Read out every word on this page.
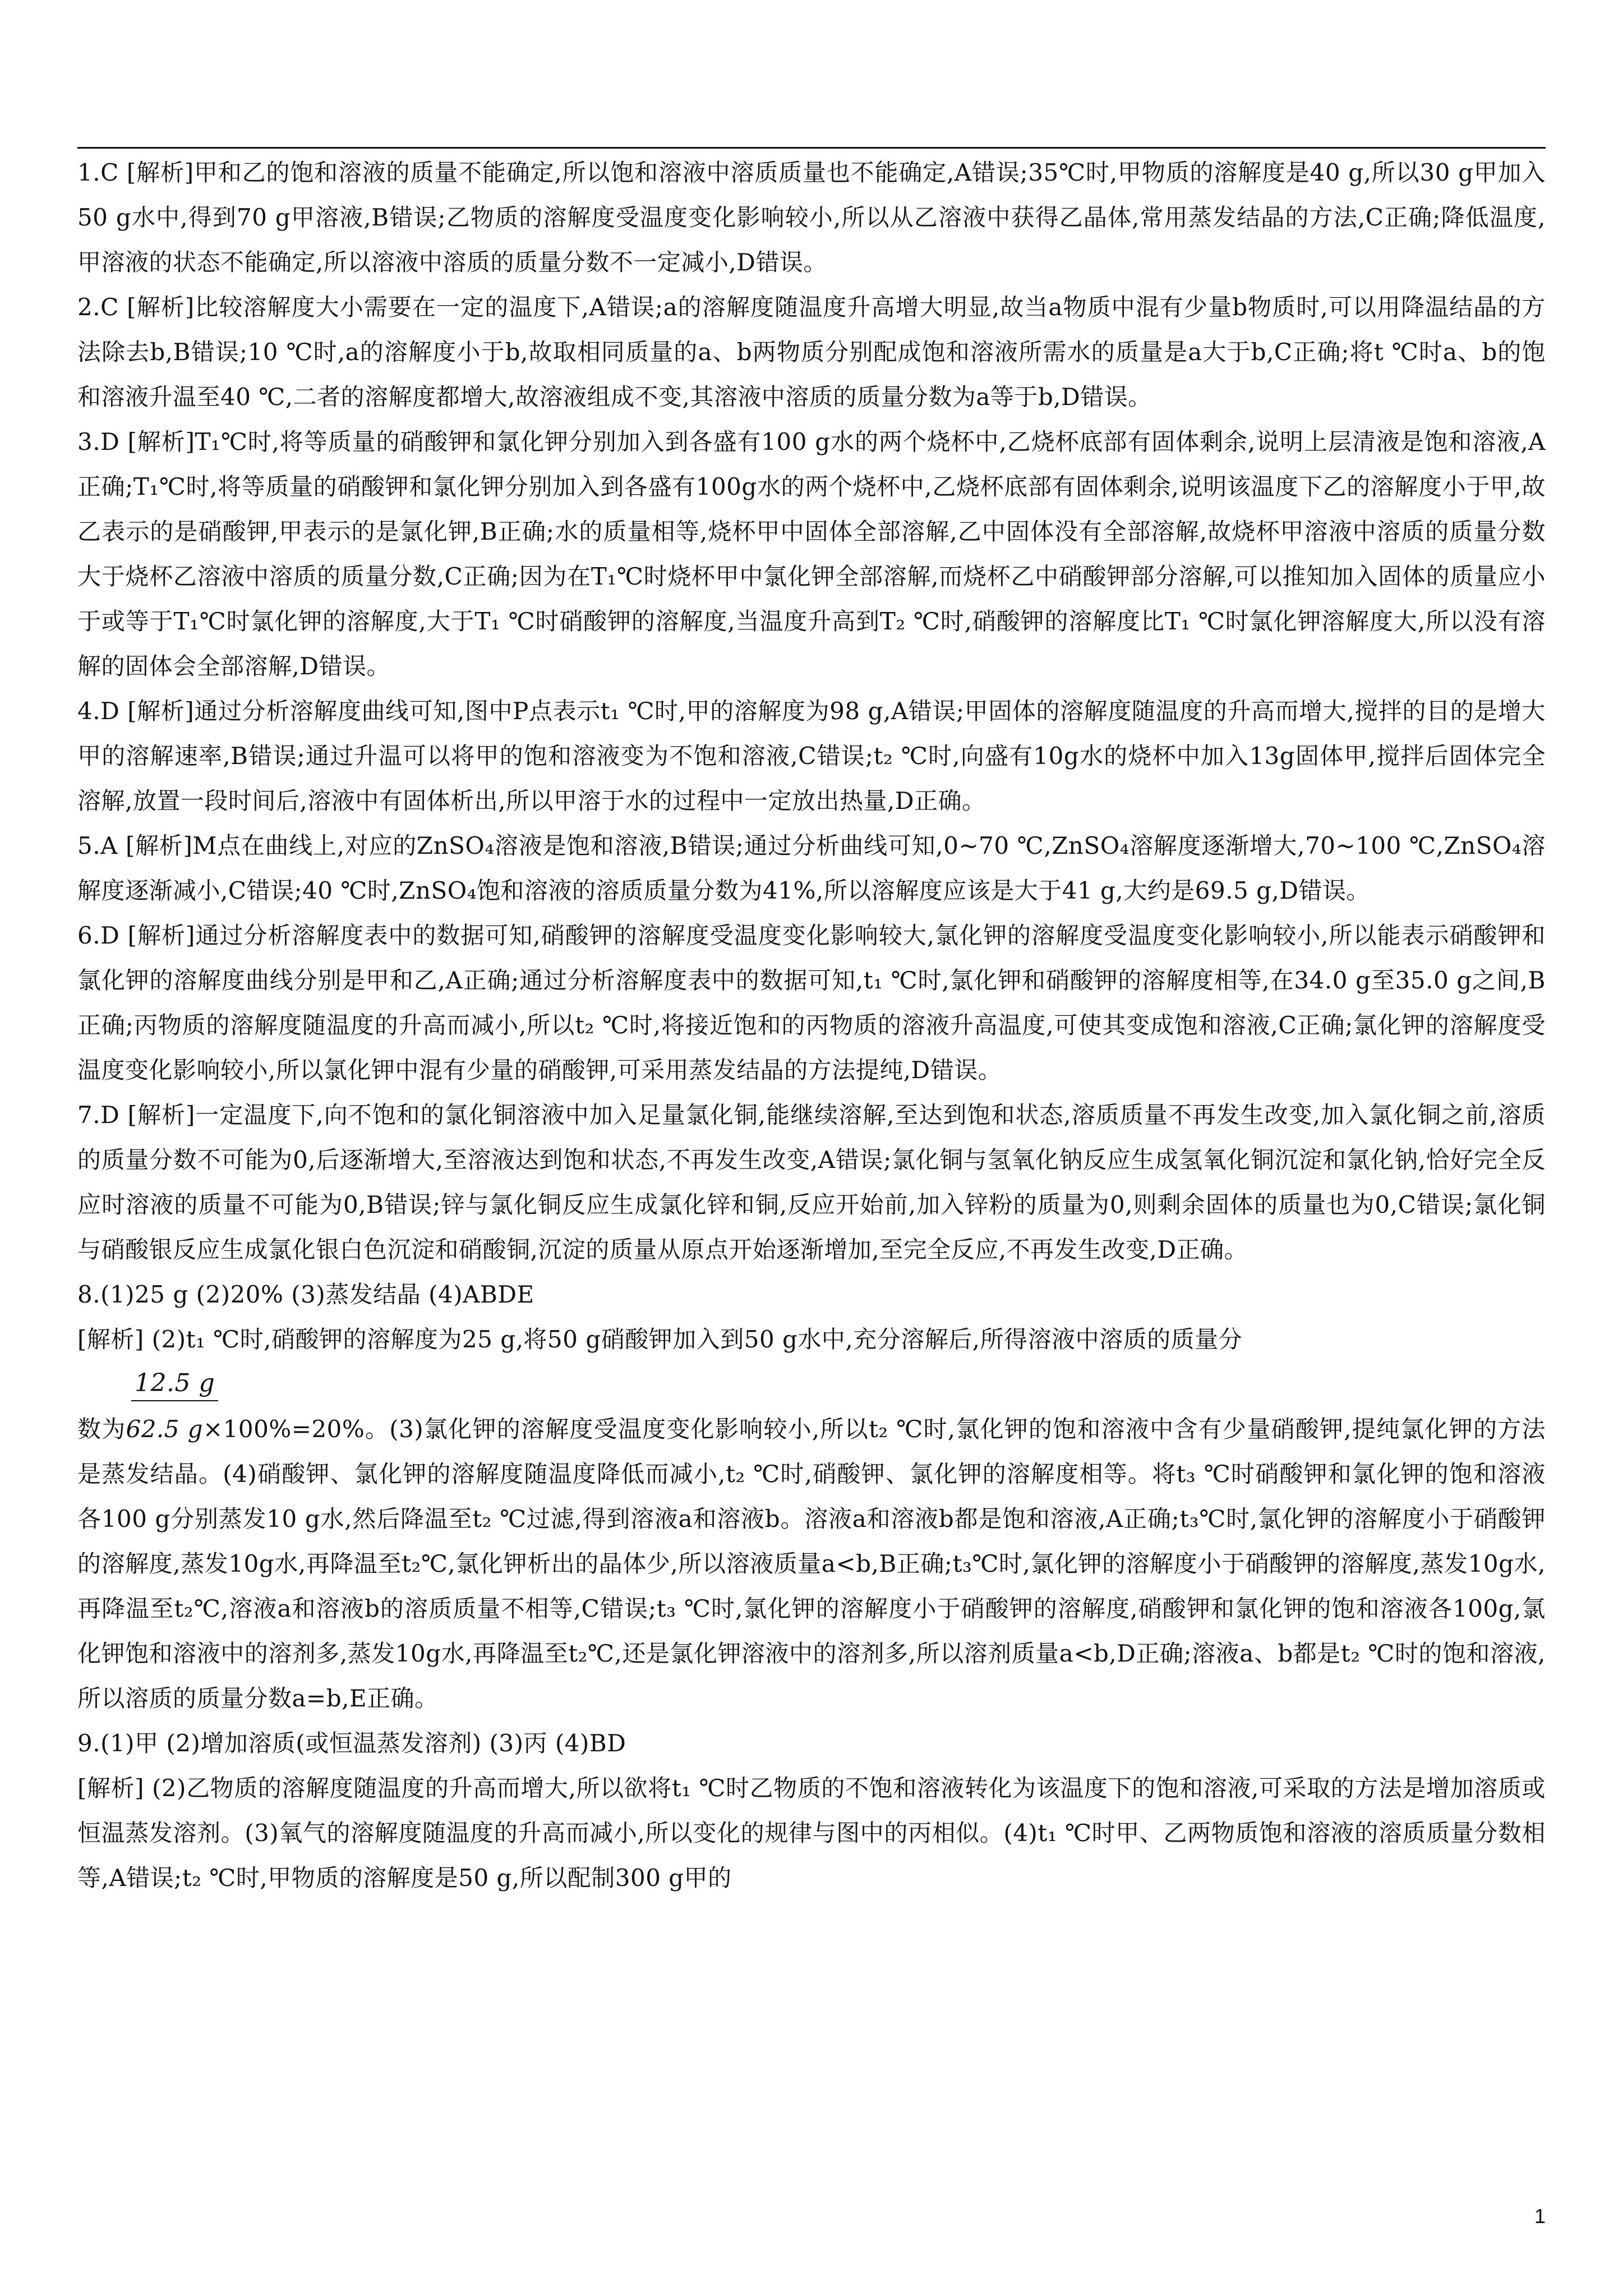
1.C [解析]甲和乙的饱和溶液的质量不能确定,所以饱和溶液中溶质质量也不能确定,A错误;35℃时,甲物质的溶解度是40 g,所以30 g甲加入50 g水中,得到70 g甲溶液,B错误;乙物质的溶解度受温度变化影响较小,所以从乙溶液中获得乙晶体,常用蒸发结晶的方法,C正确;降低温度,甲溶液的状态不能确定,所以溶液中溶质的质量分数不一定减小,D错误。

2.C [解析]比较溶解度大小需要在一定的温度下,A错误;a的溶解度随温度升高增大明显,故当a物质中混有少量b物质时,可以用降温结晶的方法除去b,B错误;10 ℃时,a的溶解度小于b,故取相同质量的a、b两物质分别配成饱和溶液所需水的质量是a大于b,C正确;将t ℃时a、b的饱和溶液升温至40 ℃,二者的溶解度都增大,故溶液组成不变,其溶液中溶质的质量分数为a等于b,D错误。

3.D [解析]T₁℃时,将等质量的硝酸钾和氯化钾分别加入到各盛有100 g水的两个烧杯中,乙烧杯底部有固体剩余,说明上层清液是饱和溶液,A正确;T₁℃时,将等质量的硝酸钾和氯化钾分别加入到各盛有100g水的两个烧杯中,乙烧杯底部有固体剩余,说明该温度下乙的溶解度小于甲,故乙表示的是硝酸钾,甲表示的是氯化钾,B正确;水的质量相等,烧杯甲中固体全部溶解,乙中固体没有全部溶解,故烧杯甲溶液中溶质的质量分数大于烧杯乙溶液中溶质的质量分数,C正确;因为在T₁℃时烧杯甲中氯化钾全部溶解,而烧杯乙中硝酸钾部分溶解,可以推知加入固体的质量应小于或等于T₁℃时氯化钾的溶解度,大于T₁ ℃时硝酸钾的溶解度,当温度升高到T₂ ℃时,硝酸钾的溶解度比T₁ ℃时氯化钾溶解度大,所以没有溶解的固体会全部溶解,D错误。

4.D [解析]通过分析溶解度曲线可知,图中P点表示t₁ ℃时,甲的溶解度为98 g,A错误;甲固体的溶解度随温度的升高而增大,搅拌的目的是增大甲的溶解速率,B错误;通过升温可以将甲的饱和溶液变为不饱和溶液,C错误;t₂ ℃时,向盛有10g水的烧杯中加入13g固体甲,搅拌后固体完全溶解,放置一段时间后,溶液中有固体析出,所以甲溶于水的过程中一定放出热量,D正确。

5.A [解析]M点在曲线上,对应的ZnSO₄溶液是饱和溶液,B错误;通过分析曲线可知,0~70 ℃,ZnSO₄溶解度逐渐增大,70~100 ℃,ZnSO₄溶解度逐渐减小,C错误;40 ℃时,ZnSO₄饱和溶液的溶质质量分数为41%,所以溶解度应该是大于41 g,大约是69.5 g,D错误。

6.D [解析]通过分析溶解度表中的数据可知,硝酸钾的溶解度受温度变化影响较大,氯化钾的溶解度受温度变化影响较小,所以能表示硝酸钾和氯化钾的溶解度曲线分别是甲和乙,A正确;通过分析溶解度表中的数据可知,t₁ ℃时,氯化钾和硝酸钾的溶解度相等,在34.0 g至35.0 g之间,B正确;丙物质的溶解度随温度的升高而减小,所以t₂ ℃时,将接近饱和的丙物质的溶液升高温度,可使其变成饱和溶液,C正确;氯化钾的溶解度受温度变化影响较小,所以氯化钾中混有少量的硝酸钾,可采用蒸发结晶的方法提纯,D错误。

7.D [解析]一定温度下,向不饱和的氯化铜溶液中加入足量氯化铜,能继续溶解,至达到饱和状态,溶质质量不再发生改变,加入氯化铜之前,溶质的质量分数不可能为0,后逐渐增大,至溶液达到饱和状态,不再发生改变,A错误;氯化铜与氢氧化钠反应生成氢氧化铜沉淀和氯化钠,恰好完全反应时溶液的质量不可能为0,B错误;锌与氯化铜反应生成氯化锌和铜,反应开始前,加入锌粉的质量为0,则剩余固体的质量也为0,C错误;氯化铜与硝酸银反应生成氯化银白色沉淀和硝酸铜,沉淀的质量从原点开始逐渐增加,至完全反应,不再发生改变,D正确。

8.(1)25 g (2)20% (3)蒸发结晶 (4)ABDE

[解析] (2)t₁ ℃时,硝酸钾的溶解度为25 g,将50 g硝酸钾加入到50 g水中,充分溶解后,所得溶液中溶质的质量分

12.5 g

数为62.5 g×100%=20%。(3)氯化钾的溶解度受温度变化影响较小,所以t₂ ℃时,氯化钾的饱和溶液中含有少量硝酸钾,提纯氯化钾的方法是蒸发结晶。(4)硝酸钾、氯化钾的溶解度随温度降低而减小,t₂ ℃时,硝酸钾、氯化钾的溶解度相等。将t₃ ℃时硝酸钾和氯化钾的饱和溶液各100 g分别蒸发10 g水,然后降温至t₂ ℃过滤,得到溶液a和溶液b。溶液a和溶液b都是饱和溶液,A正确;t₃℃时,氯化钾的溶解度小于硝酸钾的溶解度,蒸发10g水,再降温至t₂℃,氯化钾析出的晶体少,所以溶液质量a<b,B正确;t₃℃时,氯化钾的溶解度小于硝酸钾的溶解度,蒸发10g水,再降温至t₂℃,溶液a和溶液b的溶质质量不相等,C错误;t₃ ℃时,氯化钾的溶解度小于硝酸钾的溶解度,硝酸钾和氯化钾的饱和溶液各100g,氯化钾饱和溶液中的溶剂多,蒸发10g水,再降温至t₂℃,还是氯化钾溶液中的溶剂多,所以溶剂质量a<b,D正确;溶液a、b都是t₂ ℃时的饱和溶液,所以溶质的质量分数a=b,E正确。

9.(1)甲 (2)增加溶质(或恒温蒸发溶剂) (3)丙 (4)BD

[解析] (2)乙物质的溶解度随温度的升高而增大,所以欲将t₁ ℃时乙物质的不饱和溶液转化为该温度下的饱和溶液,可采取的方法是增加溶质或恒温蒸发溶剂。(3)氧气的溶解度随温度的升高而减小,所以变化的规律与图中的丙相似。(4)t₁ ℃时甲、乙两物质饱和溶液的溶质质量分数相等,A错误;t₂ ℃时,甲物质的溶解度是50 g,所以配制300 g甲的

1
